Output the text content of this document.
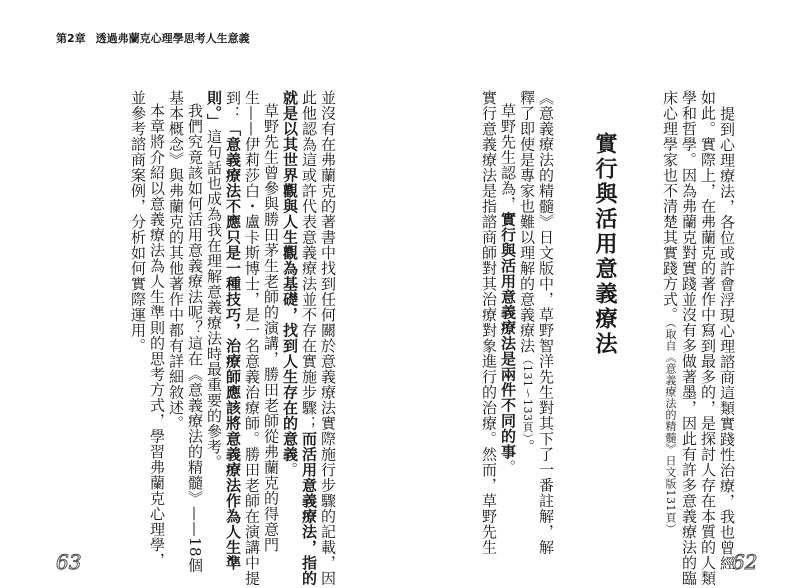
第2章 透過弗蘭克心理學思考人生意義
提到心理療法，各位或許會浮現心理諮商這類實踐性治療，我也曾經
如此。實際上，在弗蘭克的著作中寫到最多的，是探討人存在本質的人類
學和哲學。因為弗蘭克對實踐並沒有多做著墨，因此有許多意義療法的臨
床心理學家也不清楚其實踐方式。（取自《意義療法的精髓》日文版131頁）
實行與活用意義療法
《意義療法的精髓》日文版中，草野智洋先生對其下了一番註解，解
釋了即使是專家也難以理解的意義療法（131～133頁）。
草野先生認為，實行與活用意義療法是兩件不同的事。
實行意義療法是指諮商師對其治療對象進行的治療。然而，草野先生
62
並沒有在弗蘭克的著書中找到任何關於意義療法實際施行步驟的記載，因
此他認為這或許代表意義療法並不存在實施步驟；而活用意義療法，指的
就是以其世界觀與人生觀為基礎，找到人生存在的意義。
草野先生曾參與勝田茅生老師的演講，勝田老師從弗蘭克的得意門
生——伊莉莎白・盧卡斯博士，是一名意義治療師。勝田老師在演講中提
到：「意義療法不應只是一種技巧，治療師應該將意義療法作為人生準
則。」這句話也成為我在理解意義療法時最重要的參考。
我們究竟該如何活用意義療法呢？這在《意義療法的精髓》——18個
基本概念》與弗蘭克的其他著作中都有詳細敘述。
本章將介紹以意義療法為人生準則的思考方式，學習弗蘭克心理學，
並參考諮商案例，分析如何實際運用。
63
